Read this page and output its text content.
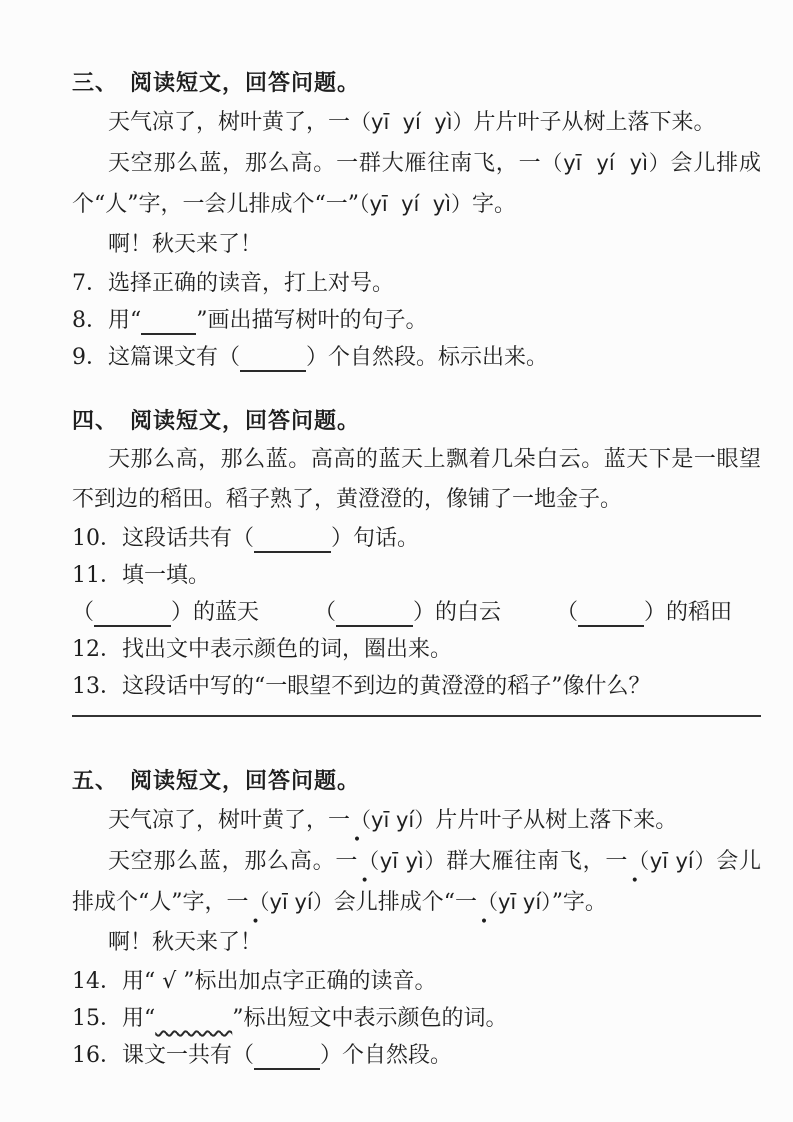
三、　阅读短文，回答问题。

天气凉了，树叶黄了，一（yī  yí  yì）片片叶子从树上落下来。

天空那么蓝，那么高。一群大雁往南飞，一（yī  yí  yì）会儿排成个“人”字，一会儿排成个“一”（yī  yí  yì）字。

啊！秋天来了！

7．选择正确的读音，打上对号。

8．用“	”画出描写树叶的句子。

9．这篇课文有（	）个自然段。标示出来。

四、　阅读短文，回答问题。

天那么高，那么蓝。高高的蓝天上飘着几朵白云。蓝天下是一眼望不到边的稻田。稻子熟了，黄澄澄的，像铺了一地金子。

10．这段话共有（	）句话。

11．填一填。

（	）的蓝天　　　（	）的白云　　　（	）的稻田

12．找出文中表示颜色的词，圈出来。

13．这段话中写的“一眼望不到边的黄澄澄的稻子”像什么？

五、　阅读短文，回答问题。

天气凉了，树叶黄了，一（yī yí）片片叶子从树上落下来。

天空那么蓝，那么高。一（yī yì）群大雁往南飞，一（yī yí）会儿排成个“人”字，一（yī yí）会儿排成个“一（yī yí）”字。

啊！秋天来了！

14．用“ √ ”标出加点字正确的读音。

15．用“	”标出短文中表示颜色的词。

16．课文一共有（	）个自然段。
